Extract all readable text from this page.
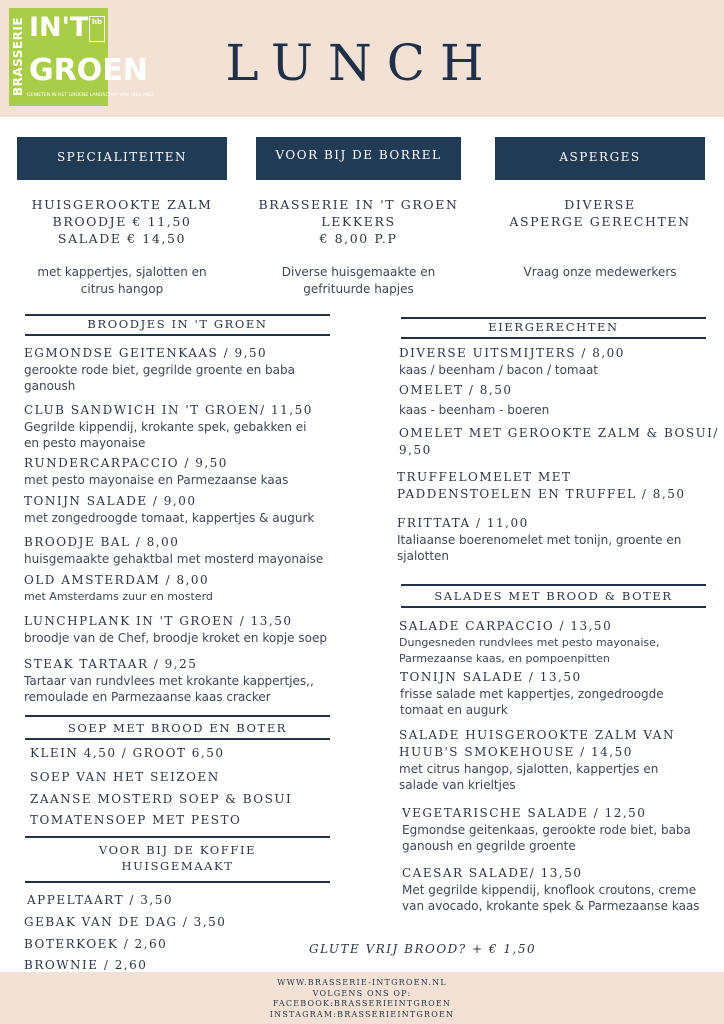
BRASSERIE IN'T
GROEN
hb
GENIETEN IN HET GROENE LANDSCHAP VAN HOLLAND
LUNCH
SPECIALITEITEN	VOOR BIJ DE BORREL	ASPERGES
HUISGEROOKTE ZALM
BROODJE € 11,50
SALADE € 14,50
met kappertjes, sjalotten en
citrus hangop
BRASSERIE IN 'T GROEN
LEKKERS
€ 8,00 P.P
Diverse huisgemaakte en
gefrituurde hapjes
DIVERSE
ASPERGE GERECHTEN
Vraag onze medewerkers
BROODJES IN 'T GROEN
EGMONDSE GEITENKAAS / 9,50
gerookte rode biet, gegrilde groente en baba
ganoush
CLUB SANDWICH IN 'T GROEN/ 11,50
Gegrilde kippendij, krokante spek, gebakken ei
en pesto mayonaise
RUNDERCARPACCIO / 9,50
met pesto mayonaise en Parmezaanse kaas
TONIJN SALADE / 9,00
met zongedroogde tomaat, kappertjes & augurk
BROODJE BAL / 8,00
huisgemaakte gehaktbal met mosterd mayonaise
OLD AMSTERDAM / 8,00
met Amsterdams zuur en mosterd
LUNCHPLANK IN 'T GROEN / 13,50
broodje van de Chef, broodje kroket en kopje soep
STEAK TARTAAR / 9,25
Tartaar van rundvlees met krokante kappertjes,,
remoulade en Parmezaanse kaas cracker
SOEP MET BROOD EN BOTER
KLEIN 4,50 / GROOT 6,50
SOEP VAN HET SEIZOEN
ZAANSE MOSTERD SOEP & BOSUI
TOMATENSOEP MET PESTO
VOOR BIJ DE KOFFIE
HUISGEMAAKT
APPELTAART / 3,50
GEBAK VAN DE DAG / 3,50
BOTERKOEK / 2,60
BROWNIE / 2,60
EIERGERECHTEN
DIVERSE UITSMIJTERS / 8,00
kaas / beenham / bacon / tomaat
OMELET / 8,50
kaas - beenham - boeren
OMELET MET GEROOKTE ZALM & BOSUI/
9,50
TRUFFELOMELET MET
PADDENSTOELEN EN TRUFFEL / 8,50
FRITTATA / 11,00
Italiaanse boerenomelet met tonijn, groente en
sjalotten
SALADES MET BROOD & BOTER
SALADE CARPACCIO / 13,50
Dungesneden rundvlees met pesto mayonaise,
Parmezaanse kaas, en pompoenpitten
TONIJN SALADE / 13,50
frisse salade met kappertjes, zongedroogde
tomaat en augurk
SALADE HUISGEROOKTE ZALM VAN
HUUB'S SMOKEHOUSE / 14,50
met citrus hangop, sjalotten, kappertjes en
salade van krieltjes
VEGETARISCHE SALADE / 12,50
Egmondse geitenkaas, gerookte rode biet, baba
ganoush en gegrilde groente
CAESAR SALADE/ 13,50
Met gegrilde kippendij, knoflook croutons, creme
van avocado, krokante spek & Parmezaanse kaas
GLUTE VRIJ BROOD? + € 1,50
WWW.BRASSERIE-INTGROEN.NL
VOLGENS ONS OP:
FACEBOOK:BRASSERIEINTGROEN
INSTAGRAM:BRASSERIEINTGROEN
